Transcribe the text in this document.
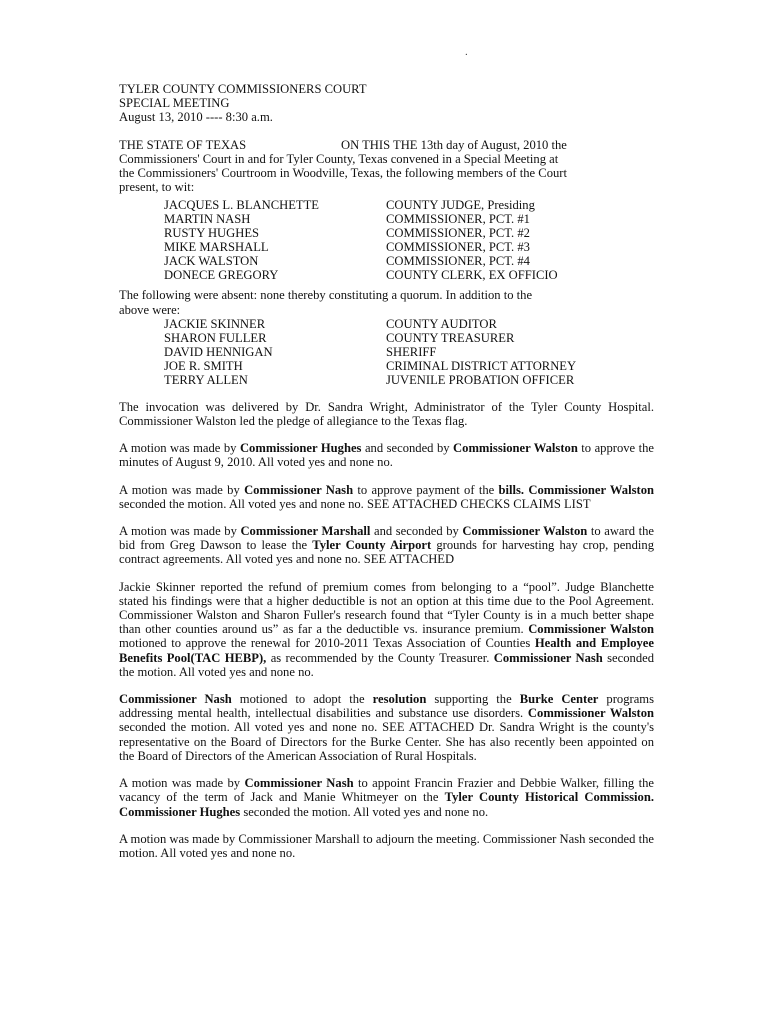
.
TYLER COUNTY COMMISSIONERS COURT
SPECIAL MEETING
August 13, 2010 ---- 8:30 a.m.
THE STATE OF TEXAS	ON THIS THE 13th day of August, 2010 the
Commissioners' Court in and for Tyler County, Texas convened in a Special Meeting at
the Commissioners' Courtroom in Woodville, Texas, the following members of the Court
present, to wit:
JACQUES L. BLANCHETTE	COUNTY JUDGE, Presiding
MARTIN NASH	COMMISSIONER, PCT. #1
RUSTY HUGHES	COMMISSIONER, PCT. #2
MIKE MARSHALL	COMMISSIONER, PCT. #3
JACK WALSTON	COMMISSIONER, PCT. #4
DONECE GREGORY	COUNTY CLERK, EX OFFICIO
The following were absent: none thereby constituting a quorum. In addition to the
above were:
JACKIE SKINNER	COUNTY AUDITOR
SHARON FULLER	COUNTY TREASURER
DAVID HENNIGAN	SHERIFF
JOE R. SMITH	CRIMINAL DISTRICT ATTORNEY
TERRY ALLEN	JUVENILE PROBATION OFFICER

The invocation was delivered by Dr. Sandra Wright, Administrator of the Tyler County Hospital. Commissioner Walston led the pledge of allegiance to the Texas flag.

A motion was made by Commissioner Hughes and seconded by Commissioner Walston to approve the minutes of August 9, 2010. All voted yes and none no.

A motion was made by Commissioner Nash to approve payment of the bills. Commissioner Walston seconded the motion. All voted yes and none no. SEE ATTACHED CHECKS CLAIMS LIST

A motion was made by Commissioner Marshall and seconded by Commissioner Walston to award the bid from Greg Dawson to lease the Tyler County Airport grounds for harvesting hay crop, pending contract agreements. All voted yes and none no. SEE ATTACHED

Jackie Skinner reported the refund of premium comes from belonging to a “pool”. Judge Blanchette stated his findings were that a higher deductible is not an option at this time due to the Pool Agreement. Commissioner Walston and Sharon Fuller's research found that “Tyler County is in a much better shape than other counties around us” as far a the deductible vs. insurance premium. Commissioner Walston motioned to approve the renewal for 2010-2011 Texas Association of Counties Health and Employee Benefits Pool(TAC HEBP), as recommended by the County Treasurer. Commissioner Nash seconded the motion. All voted yes and none no.

Commissioner Nash motioned to adopt the resolution supporting the Burke Center programs addressing mental health, intellectual disabilities and substance use disorders. Commissioner Walston seconded the motion. All voted yes and none no. SEE ATTACHED Dr. Sandra Wright is the county's representative on the Board of Directors for the Burke Center. She has also recently been appointed on the Board of Directors of the American Association of Rural Hospitals.

A motion was made by Commissioner Nash to appoint Francin Frazier and Debbie Walker, filling the vacancy of the term of Jack and Manie Whitmeyer on the Tyler County Historical Commission. Commissioner Hughes seconded the motion. All voted yes and none no.

A motion was made by Commissioner Marshall to adjourn the meeting. Commissioner Nash seconded the motion. All voted yes and none no.
